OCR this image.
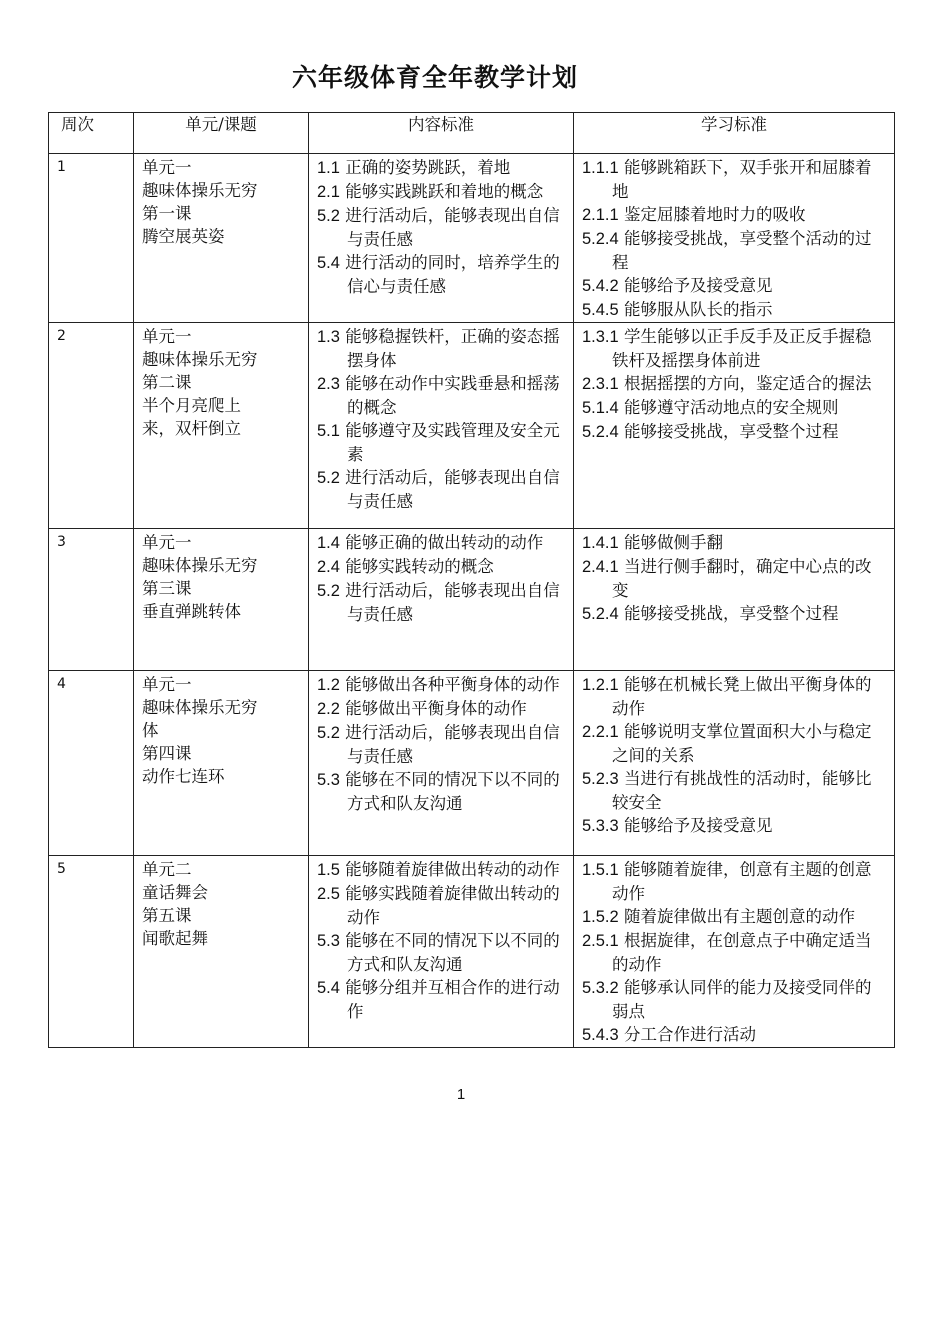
六年级体育全年教学计划
周次	单元/课题	内容标准	学习标准
1	单元一
趣味体操乐无穷
第一课
腾空展英姿	1.1 正确的姿势跳跃，着地
2.1 能够实践跳跃和着地的概念
5.2 进行活动后，能够表现出自信与责任感
5.4 进行活动的同时，培养学生的信心与责任感	1.1.1 能够跳箱跃下，双手张开和屈膝着地
2.1.1 鉴定屈膝着地时力的吸收
5.2.4 能够接受挑战，享受整个活动的过程
5.4.2 能够给予及接受意见
5.4.5 能够服从队长的指示

2	单元一
趣味体操乐无穷
第二课
半个月亮爬上
来，双杆倒立	1.3 能够稳握铁杆，正确的姿态摇摆身体
2.3 能够在动作中实践垂悬和摇荡的概念
5.1 能够遵守及实践管理及安全元素
5.2 进行活动后，能够表现出自信与责任感	1.3.1 学生能够以正手反手及正反手握稳铁杆及摇摆身体前进
2.3.1 根据摇摆的方向，鉴定适合的握法
5.1.4 能够遵守活动地点的安全规则
5.2.4 能够接受挑战，享受整个过程

3	单元一
趣味体操乐无穷
第三课
垂直弹跳转体	1.4 能够正确的做出转动的动作
2.4 能够实践转动的概念
5.2 进行活动后，能够表现出自信与责任感	1.4.1 能够做侧手翻
2.4.1 当进行侧手翻时，确定中心点的改变
5.2.4 能够接受挑战，享受整个过程

4	单元一
趣味体操乐无穷
体
第四课
动作七连环	1.2 能够做出各种平衡身体的动作
2.2 能够做出平衡身体的动作
5.2 进行活动后，能够表现出自信与责任感
5.3 能够在不同的情况下以不同的方式和队友沟通	1.2.1 能够在机械长凳上做出平衡身体的动作
2.2.1 能够说明支掌位置面积大小与稳定之间的关系
5.2.3 当进行有挑战性的活动时，能够比较安全
5.3.3 能够给予及接受意见

5	单元二
童话舞会
第五课
闻歌起舞	1.5 能够随着旋律做出转动的动作
2.5 能够实践随着旋律做出转动的动作
5.3 能够在不同的情况下以不同的方式和队友沟通
5.4 能够分组并互相合作的进行动作	1.5.1 能够随着旋律，创意有主题的创意动作
1.5.2 随着旋律做出有主题创意的动作
2.5.1 根据旋律，在创意点子中确定适当的动作
5.3.2 能够承认同伴的能力及接受同伴的弱点
5.4.3 分工合作进行活动
1
